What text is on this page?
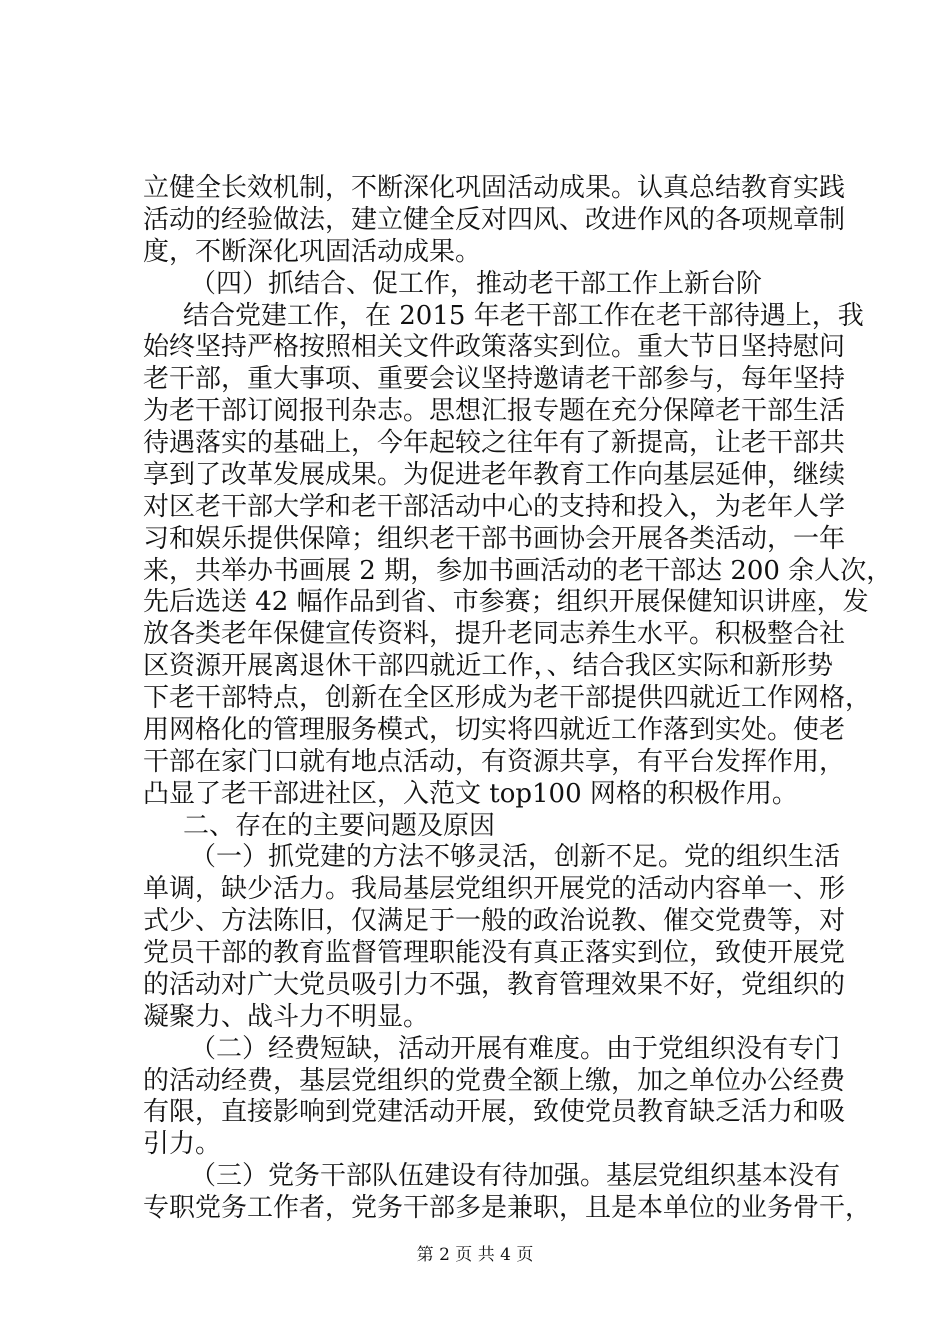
立健全长效机制，不断深化巩固活动成果。认真总结教育实践
活动的经验做法，建立健全反对四风、改进作风的各项规章制
度，不断深化巩固活动成果。
（四）抓结合、促工作，推动老干部工作上新台阶
结合党建工作，在 2015 年老干部工作在老干部待遇上，我
始终坚持严格按照相关文件政策落实到位。重大节日坚持慰问
老干部，重大事项、重要会议坚持邀请老干部参与，每年坚持
为老干部订阅报刊杂志。思想汇报专题在充分保障老干部生活
待遇落实的基础上，今年起较之往年有了新提高，让老干部共
享到了改革发展成果。为促进老年教育工作向基层延伸，继续
对区老干部大学和老干部活动中心的支持和投入，为老年人学
习和娱乐提供保障；组织老干部书画协会开展各类活动，一年
来，共举办书画展 2 期，参加书画活动的老干部达 200 余人次，
先后选送 42 幅作品到省、市参赛；组织开展保健知识讲座，发
放各类老年保健宣传资料，提升老同志养生水平。积极整合社
区资源开展离退休干部四就近工作，、结合我区实际和新形势
下老干部特点，创新在全区形成为老干部提供四就近工作网格，
用网格化的管理服务模式，切实将四就近工作落到实处。使老
干部在家门口就有地点活动，有资源共享，有平台发挥作用，
凸显了老干部进社区，入范文 top100 网格的积极作用。
二、存在的主要问题及原因
（一）抓党建的方法不够灵活，创新不足。党的组织生活
单调，缺少活力。我局基层党组织开展党的活动内容单一、形
式少、方法陈旧，仅满足于一般的政治说教、催交党费等，对
党员干部的教育监督管理职能没有真正落实到位，致使开展党
的活动对广大党员吸引力不强，教育管理效果不好，党组织的
凝聚力、战斗力不明显。
（二）经费短缺，活动开展有难度。由于党组织没有专门
的活动经费，基层党组织的党费全额上缴，加之单位办公经费
有限，直接影响到党建活动开展，致使党员教育缺乏活力和吸
引力。
（三）党务干部队伍建设有待加强。基层党组织基本没有
专职党务工作者，党务干部多是兼职，且是本单位的业务骨干，
第 2 页 共 4 页
